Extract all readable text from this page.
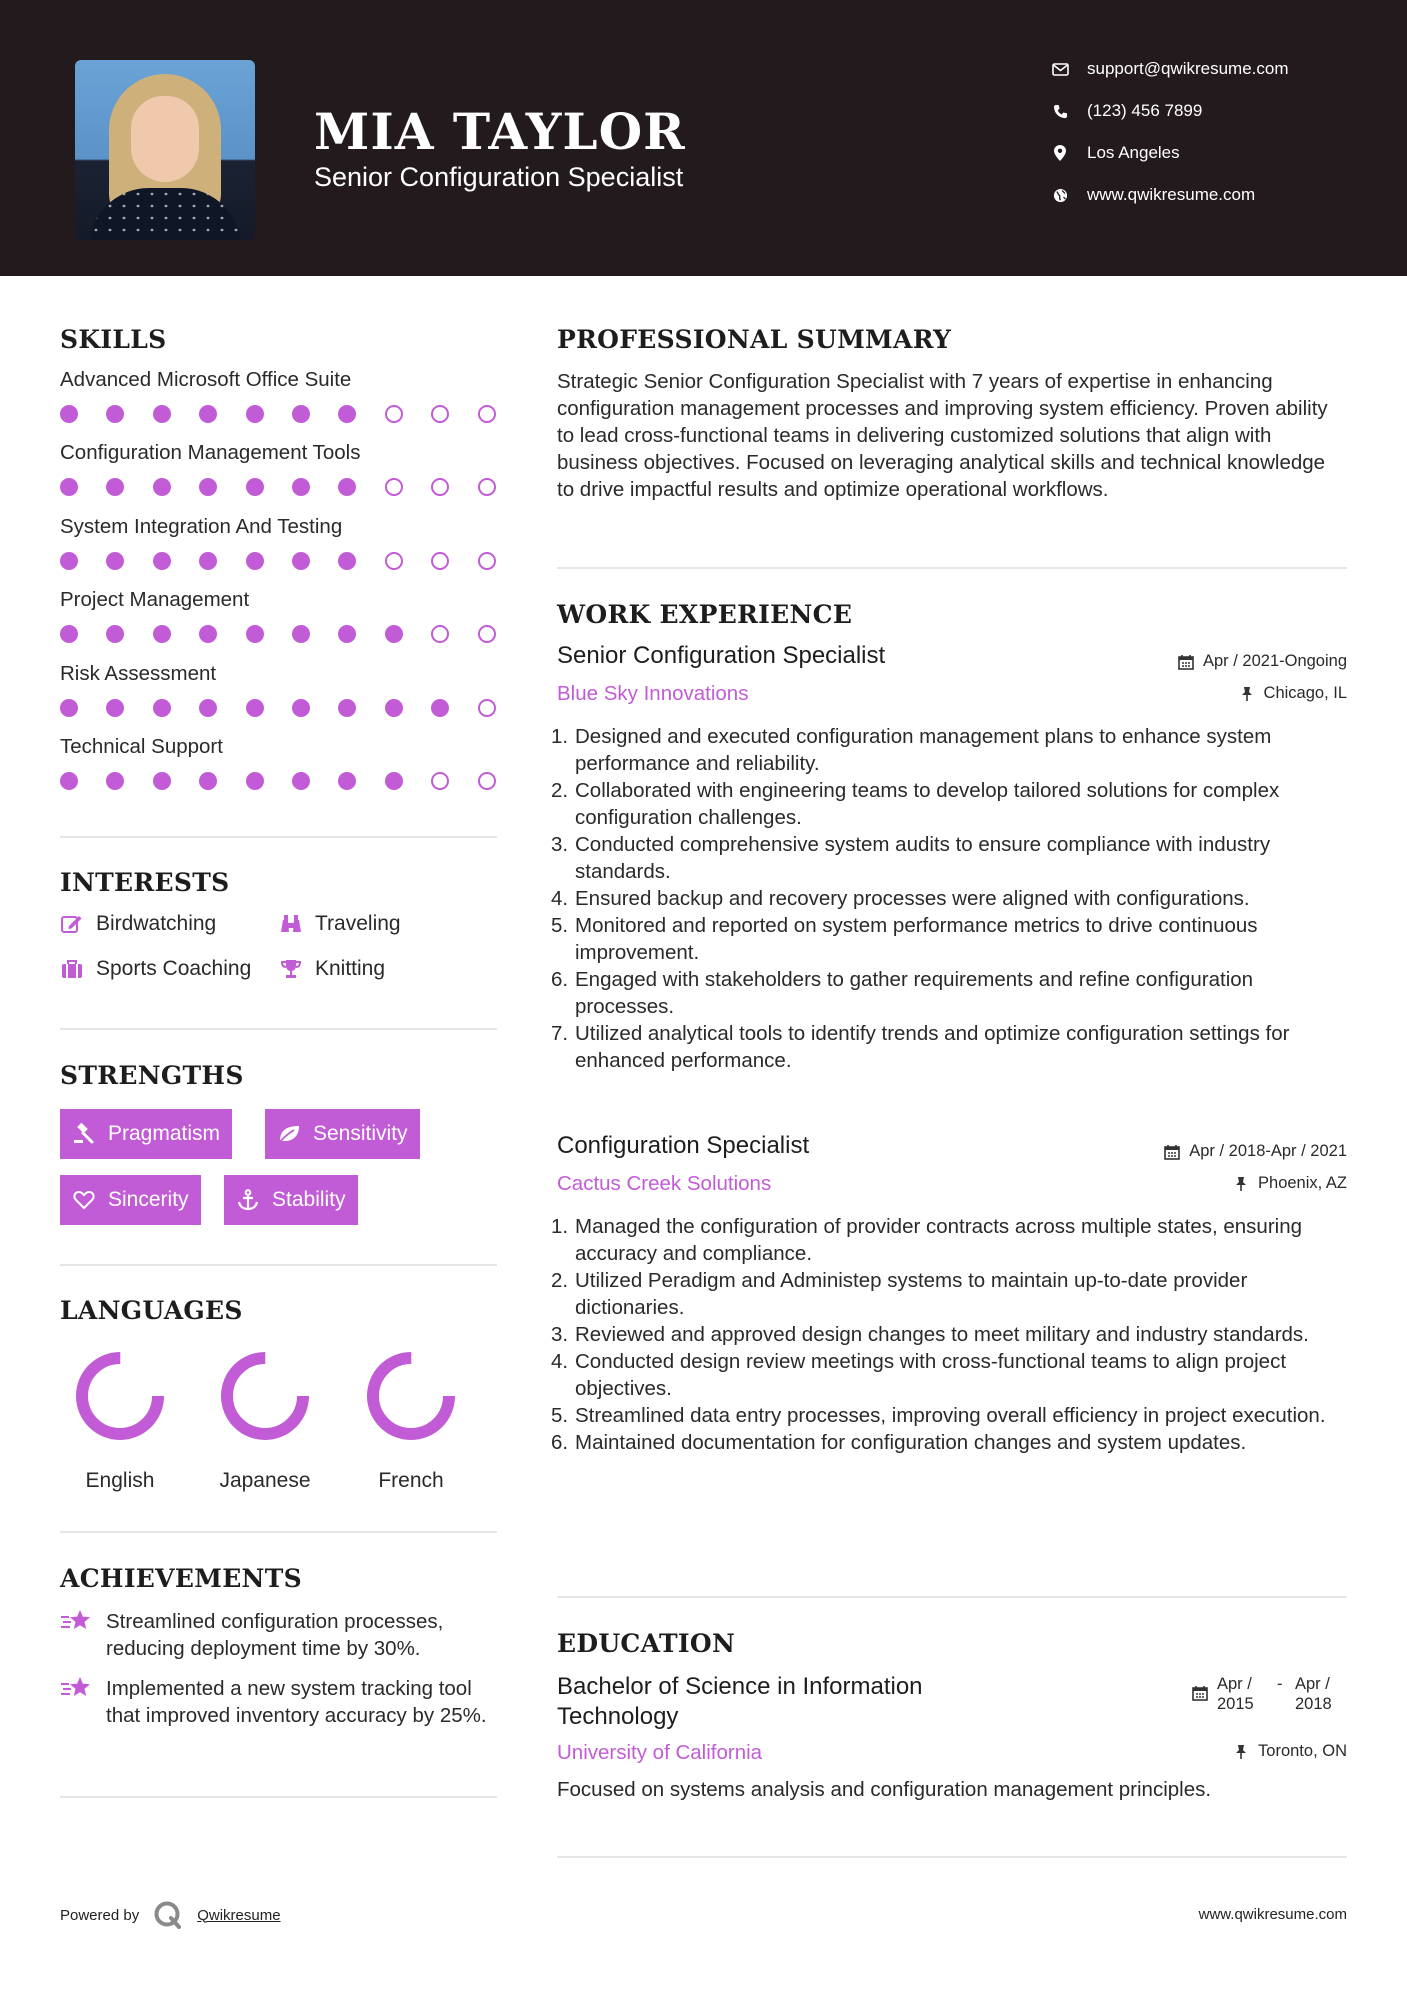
MIA TAYLOR
Senior Configuration Specialist
support@qwikresume.com
(123) 456 7899
Los Angeles
www.qwikresume.com
SKILLS
Advanced Microsoft Office Suite
Configuration Management Tools
System Integration And Testing
Project Management
Risk Assessment
Technical Support
INTERESTS
Birdwatching	Traveling
Sports Coaching	Knitting
STRENGTHS
Pragmatism	Sensitivity
Sincerity	Stability
LANGUAGES
English	Japanese	French
ACHIEVEMENTS
Streamlined configuration processes, reducing deployment time by 30%.
Implemented a new system tracking tool that improved inventory accuracy by 25%.
PROFESSIONAL SUMMARY
Strategic Senior Configuration Specialist with 7 years of expertise in enhancing configuration management processes and improving system efficiency. Proven ability to lead cross-functional teams in delivering customized solutions that align with business objectives. Focused on leveraging analytical skills and technical knowledge to drive impactful results and optimize operational workflows.
WORK EXPERIENCE
Senior Configuration Specialist	Apr / 2021-Ongoing
Blue Sky Innovations	Chicago, IL
1. Designed and executed configuration management plans to enhance system performance and reliability.
2. Collaborated with engineering teams to develop tailored solutions for complex configuration challenges.
3. Conducted comprehensive system audits to ensure compliance with industry standards.
4. Ensured backup and recovery processes were aligned with configurations.
5. Monitored and reported on system performance metrics to drive continuous improvement.
6. Engaged with stakeholders to gather requirements and refine configuration processes.
7. Utilized analytical tools to identify trends and optimize configuration settings for enhanced performance.
Configuration Specialist	Apr / 2018-Apr / 2021
Cactus Creek Solutions	Phoenix, AZ
1. Managed the configuration of provider contracts across multiple states, ensuring accuracy and compliance.
2. Utilized Peradigm and Administep systems to maintain up-to-date provider dictionaries.
3. Reviewed and approved design changes to meet military and industry standards.
4. Conducted design review meetings with cross-functional teams to align project objectives.
5. Streamlined data entry processes, improving overall efficiency in project execution.
6. Maintained documentation for configuration changes and system updates.
EDUCATION
Bachelor of Science in Information Technology
Apr / 2015
- Apr / 2018
University of California	Toronto, ON
Focused on systems analysis and configuration management principles.
Powered by	Qwikresume	www.qwikresume.com
